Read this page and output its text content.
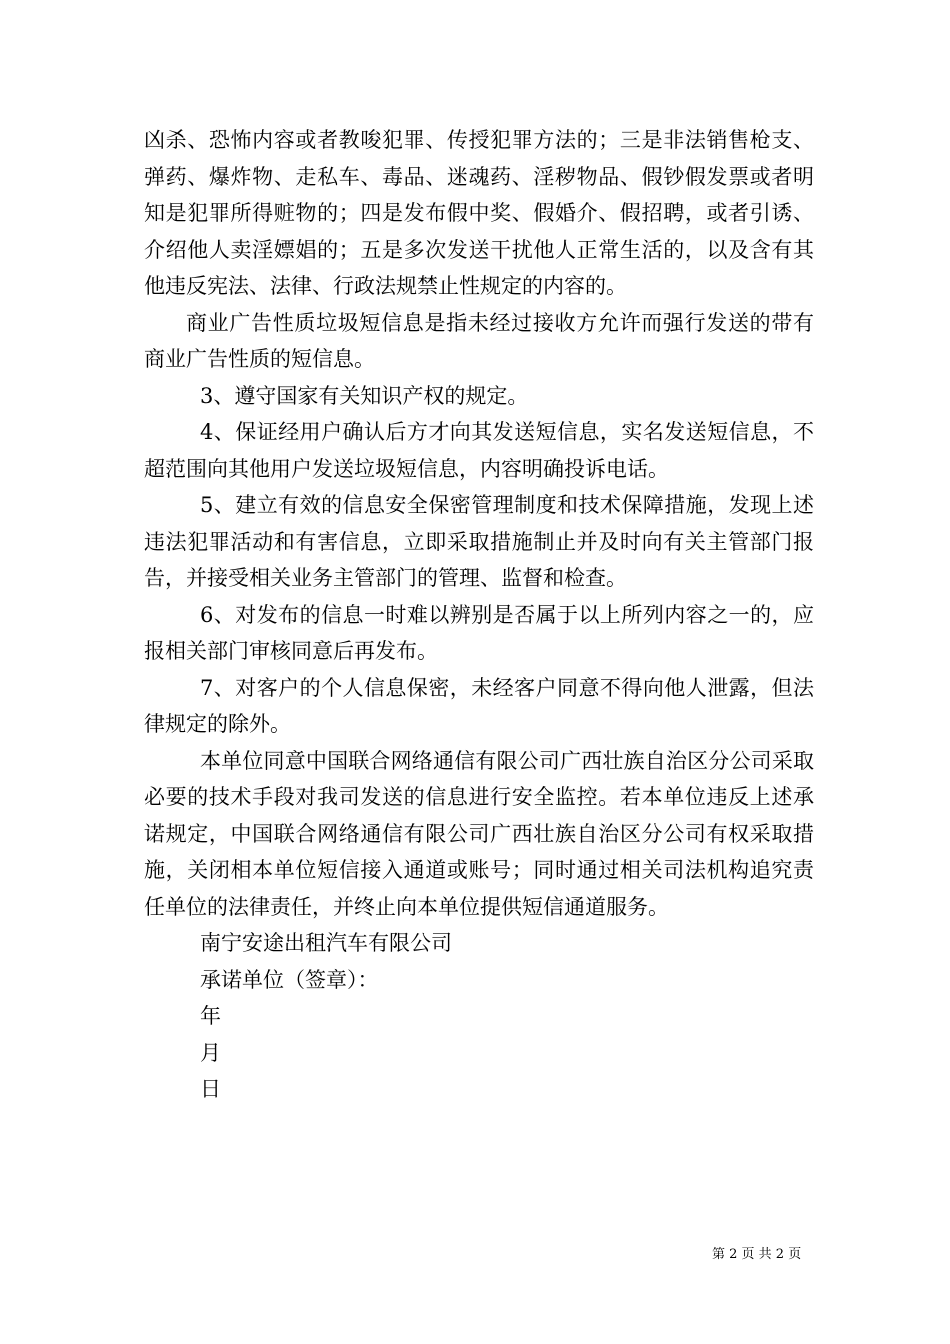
凶杀、恐怖内容或者教唆犯罪、传授犯罪方法的；三是非法销售枪支、弹药、爆炸物、走私车、毒品、迷魂药、淫秽物品、假钞假发票或者明知是犯罪所得赃物的；四是发布假中奖、假婚介、假招聘，或者引诱、介绍他人卖淫嫖娼的；五是多次发送干扰他人正常生活的，以及含有其他违反宪法、法律、行政法规禁止性规定的内容的。

商业广告性质垃圾短信息是指未经过接收方允许而强行发送的带有商业广告性质的短信息。

3、遵守国家有关知识产权的规定。

4、保证经用户确认后方才向其发送短信息，实名发送短信息，不超范围向其他用户发送垃圾短信息，内容明确投诉电话。

5、建立有效的信息安全保密管理制度和技术保障措施，发现上述违法犯罪活动和有害信息，立即采取措施制止并及时向有关主管部门报告，并接受相关业务主管部门的管理、监督和检查。

6、对发布的信息一时难以辨别是否属于以上所列内容之一的，应报相关部门审核同意后再发布。

7、对客户的个人信息保密，未经客户同意不得向他人泄露，但法律规定的除外。

本单位同意中国联合网络通信有限公司广西壮族自治区分公司采取必要的技术手段对我司发送的信息进行安全监控。若本单位违反上述承诺规定，中国联合网络通信有限公司广西壮族自治区分公司有权采取措施，关闭相本单位短信接入通道或账号；同时通过相关司法机构追究责任单位的法律责任，并终止向本单位提供短信通道服务。

南宁安途出租汽车有限公司

承诺单位（签章）：

年

月

日

第 2 页 共 2 页
